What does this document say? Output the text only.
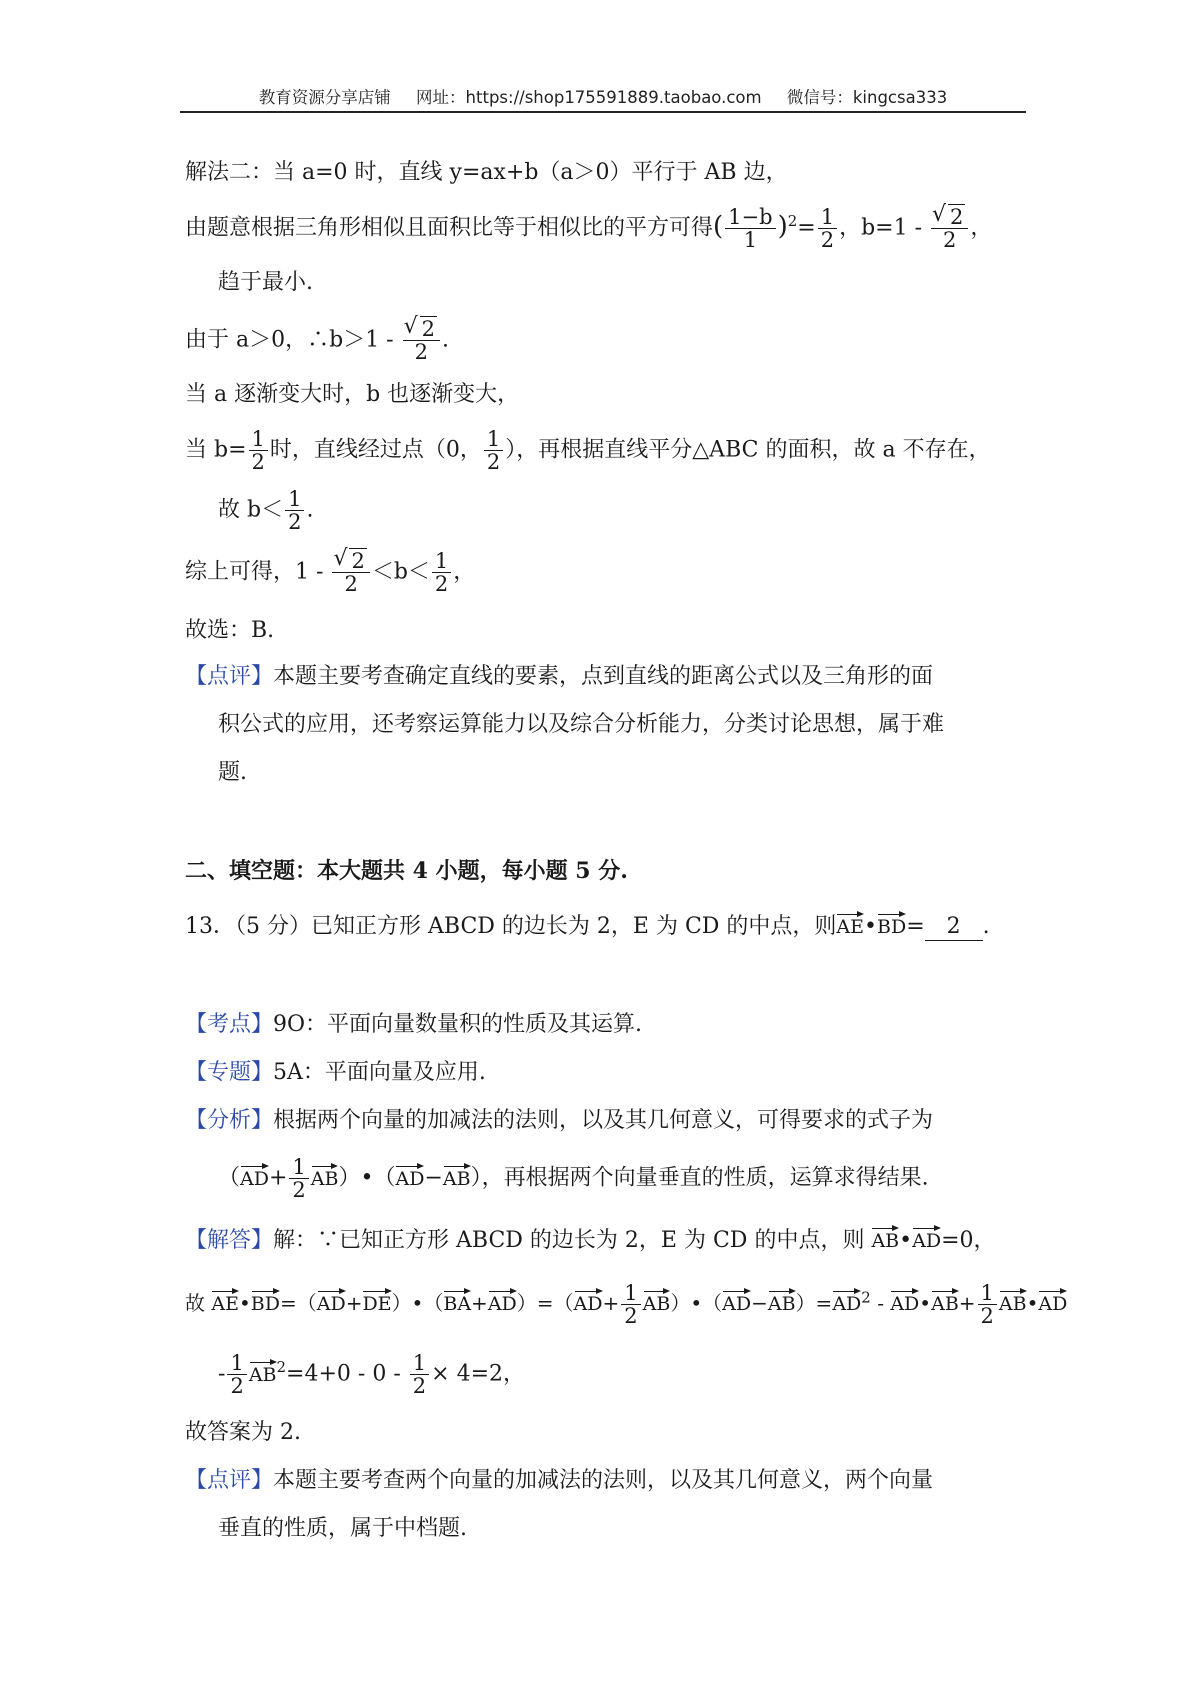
教育资源分享店铺 网址：https://shop175591889.taobao.com 微信号：kingcsa333
解法二：当 a=0 时，直线 y=ax+b（a＞0）平行于 AB 边，
由题意根据三角形相似且面积比等于相似比的平方可得( $\frac{1-b}{1} )^2= \frac{1}{2}$ ，b=1 - √ $\frac{2}{2}$ ，
趋于最小.
由于 a＞0，∴b＞1 - √ $\frac{2}{2}$ .
当 a 逐渐变大时，b 也逐渐变大，
当 $b= \frac{1}{2}$ 时，直线经过点（0， $\frac{1}{2}$ ），再根据直线平分△ABC 的面积，故 a 不存在，
故 $b< \frac{1}{2}$ .
综上可得，1 - √ $\frac{2}{2} <b< \frac{1}{2}$ ，
故选：B.
【点评】本题主要考查确定直线的要素，点到直线的距离公式以及三角形的面
积公式的应用，还考察运算能力以及综合分析能力，分类讨论思想，属于难
题.
二、填空题：本大题共 4 小题，每小题 5 分.
13．（5 分）已知正方形 ABCD 的边长为 2，E 为 CD 的中点，则AE•BD= 2 .
【考点】9O：平面向量数量积的性质及其运算.
【专题】5A：平面向量及应用.
【分析】根据两个向量的加减法的法则，以及其几何意义，可得要求的式子为
（$AD+ \frac{1}{2}$ AB）•（AD−AB），再根据两个向量垂直的性质，运算求得结果.
【解答】解：∵已知正方形 ABCD 的边长为 2，E 为 CD 的中点，则 AB•AD=0，
故 AE•BD=（AD+DE）•（BA+AD）=（AD+ $\frac{1}{2}$ $AB)•(AD-AB)=AD^2$ - AD•AB+ $\frac{1}{2}$ AB•AD
- $\frac{1}{2} AB^2=4+0 - 0 - \frac{1}{2} \times 4=2$，
故答案为 2.
【点评】本题主要考查两个向量的加减法的法则，以及其几何意义，两个向量
垂直的性质，属于中档题.
